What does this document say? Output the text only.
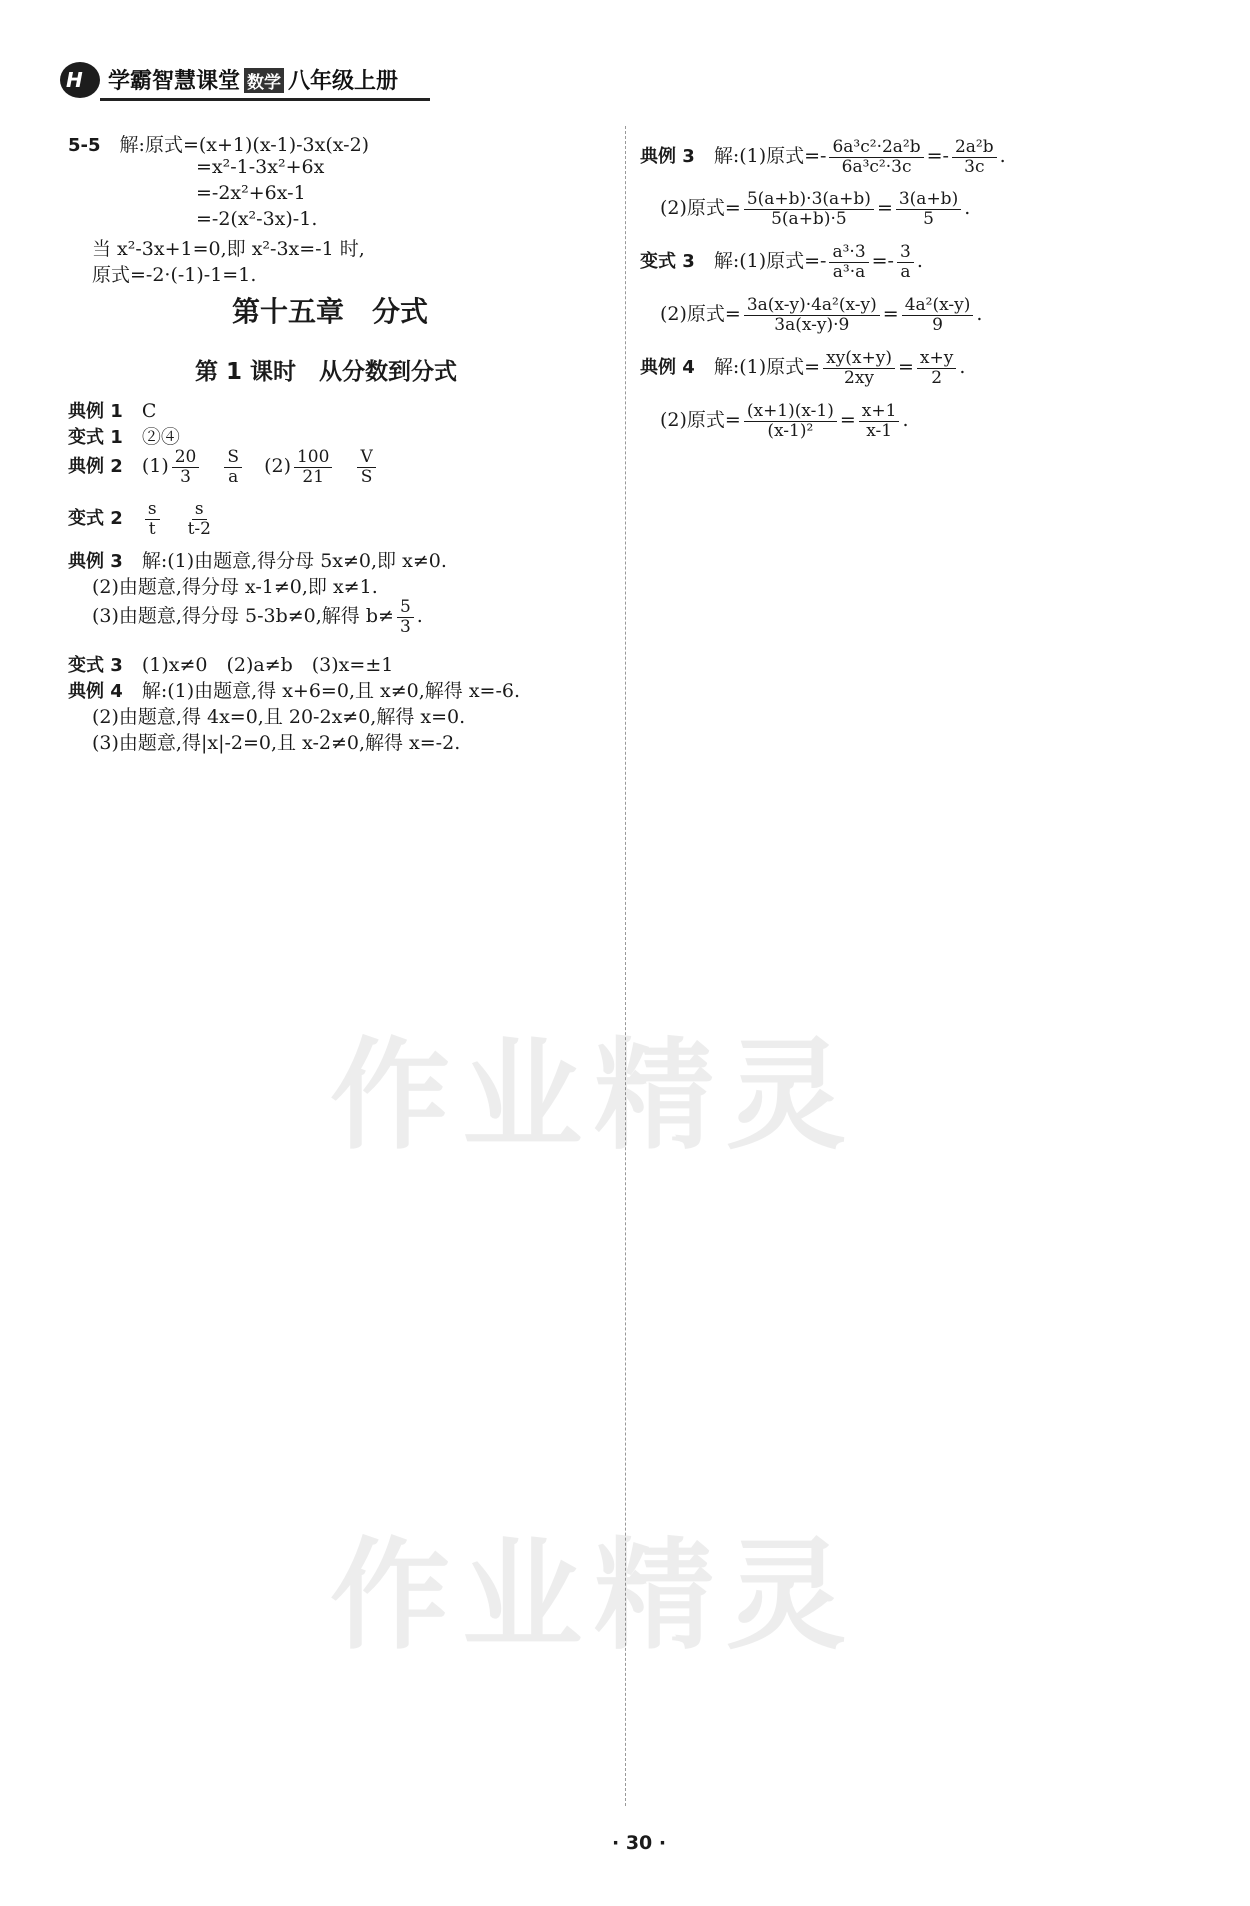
H 学霸智慧课堂 数学 八年级上册
5-5　 解:原式=(x+1)(x-1)-3x(x-2)
=x²-1-3x²+6x
=-2x²+6x-1
=-2(x²-3x)-1.
当 x²-3x+1=0,即 x²-3x=-1 时,
原式=-2·(-1)-1=1.
第十五章　分式
第 1 课时　从分数到分式
典例 1　 C
变式 1　 ②④
典例 2　 $(1) \frac{20}{3}$
　 $\frac{S}{a}$
　 $(2) \frac{100}{21}$
　 $\frac{V}{S}$
变式 2　 $\frac{s}{t}$
　 $\frac{s}{t-2}$
典例 3　 解:(1)由题意,得分母 5x≠0,即 x≠0.
(2)由题意,得分母 x-1≠0,即 x≠1.
(3)由题意,得分母 5-3b≠0,解得 $b\ne \frac{5}{3}$ .
变式 3　 (1)x≠0　(2)a≠b　(3)x=±1
典例 4　 解:(1)由题意,得 x+6=0,且 x≠0,解得 x=-6.
(2)由题意,得 4x=0,且 20-2x≠0,解得 x=0.
(3)由题意,得|x|-2=0,且 x-2≠0,解得 x=-2.
典例 3　 解:(1)原式=- $\frac{\text{6a³c²·2a²b}}{\text{6a³c²·3c}} =- \frac{\text{2a²b}}{3c}$ .
(2)原式= $\frac{5(a+b)\cdot 3(a+b)}{5(a+b)\cdot 5} = \frac{3(a+b)}{5}$ .
变式 3　 解:(1)原式=- $\frac{\text{a³·3}}{\text{a³·a}} =- \frac{3}{a}$ .
(2)原式= $\frac{\text{3a(x-y)·4a²(x-y)}}{3a(x-y)\cdot 9} = \frac{\text{4a²(x-y)}}{9}$ .
典例 4　 解:(1)原式= $\frac{xy(x+y)}{2xy} = \frac{x+y}{2}$ .
(2)原式= $\frac{(x+1)(x-1)}{\text{(x-1)²}} = \frac{x+1}{x-1}$ .
作业精灵
作业精灵
· 30 ·
